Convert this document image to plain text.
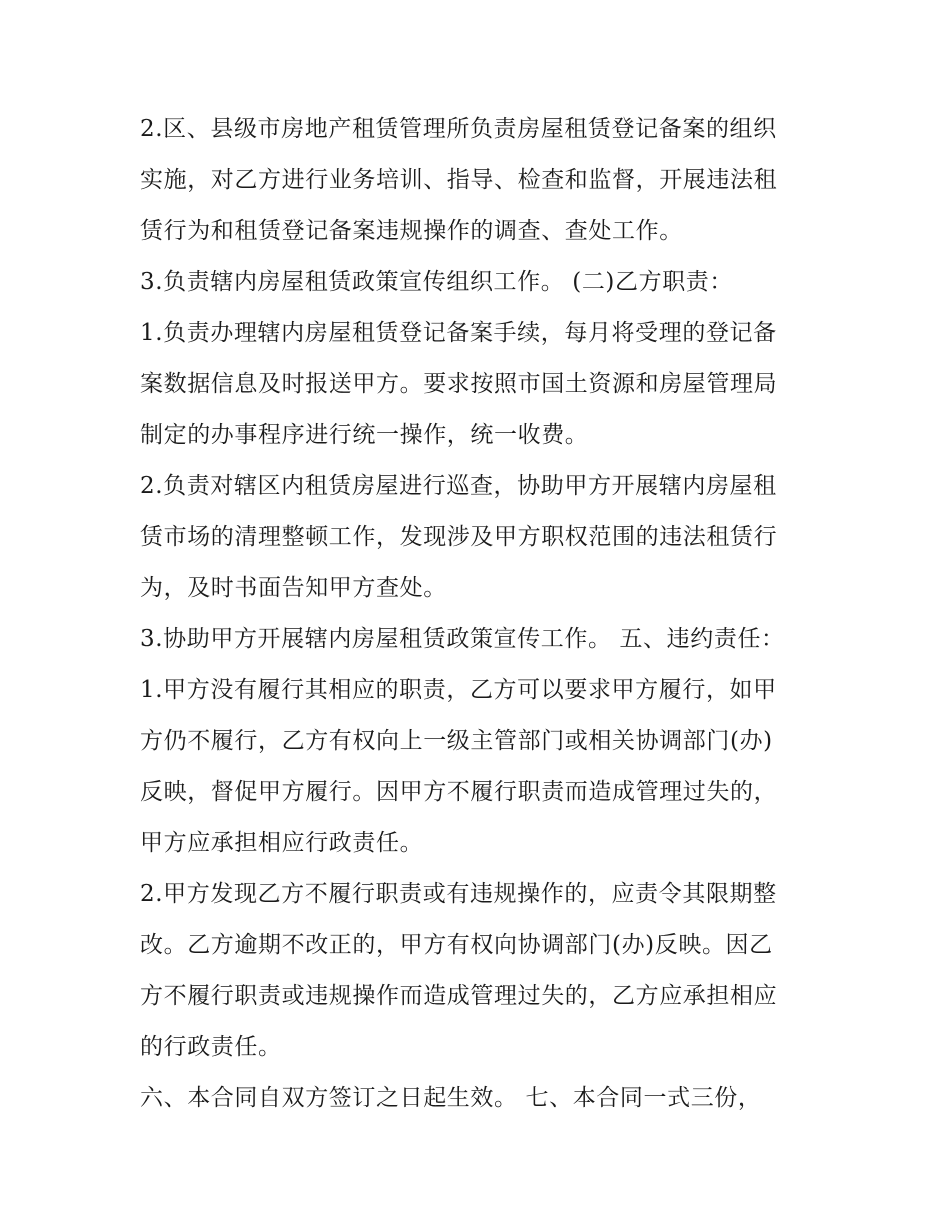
2.区、县级市房地产租赁管理所负责房屋租赁登记备案的组织
实施，对乙方进行业务培训、指导、检查和监督，开展违法租
赁行为和租赁登记备案违规操作的调查、查处工作。
3.负责辖内房屋租赁政策宣传组织工作。 (二)乙方职责：
1.负责办理辖内房屋租赁登记备案手续，每月将受理的登记备
案数据信息及时报送甲方。要求按照市国土资源和房屋管理局
制定的办事程序进行统一操作，统一收费。
2.负责对辖区内租赁房屋进行巡查，协助甲方开展辖内房屋租
赁市场的清理整顿工作，发现涉及甲方职权范围的违法租赁行
为，及时书面告知甲方查处。
3.协助甲方开展辖内房屋租赁政策宣传工作。 五、违约责任：
1.甲方没有履行其相应的职责，乙方可以要求甲方履行，如甲
方仍不履行，乙方有权向上一级主管部门或相关协调部门(办)
反映，督促甲方履行。因甲方不履行职责而造成管理过失的，
甲方应承担相应行政责任。
2.甲方发现乙方不履行职责或有违规操作的，应责令其限期整
改。乙方逾期不改正的，甲方有权向协调部门(办)反映。因乙
方不履行职责或违规操作而造成管理过失的，乙方应承担相应
的行政责任。
六、本合同自双方签订之日起生效。 七、本合同一式三份，
